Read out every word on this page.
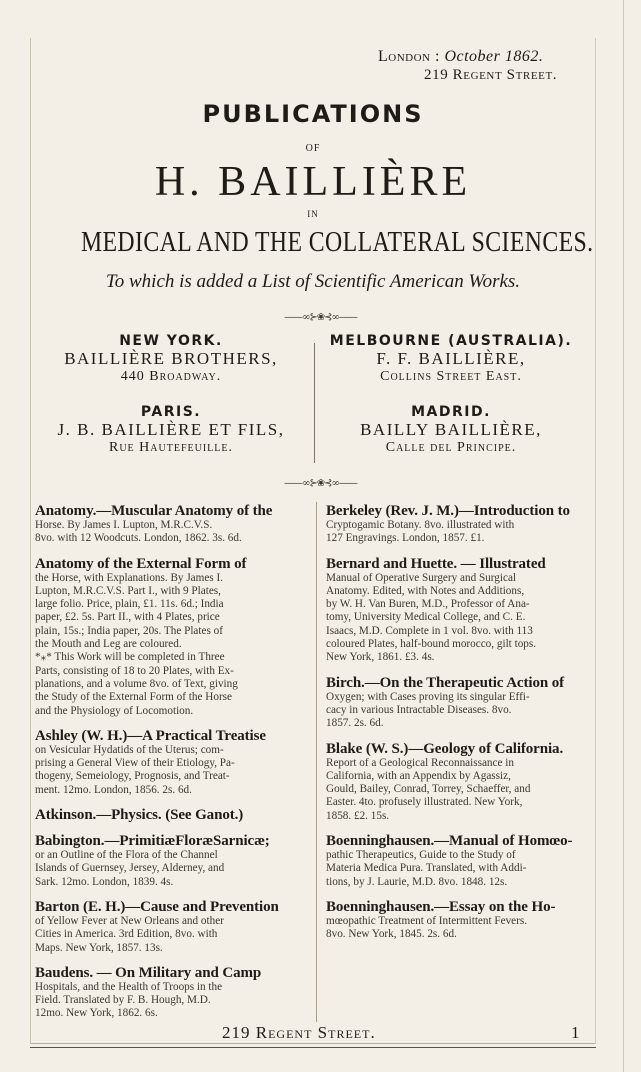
London : October 1862.
219 Regent Street.
PUBLICATIONS
OF
H. BAILLIÈRE
IN
MEDICAL AND THE COLLATERAL SCIENCES.
To which is added a List of Scientific American Works.
——∞⊱❀⊰∞——
NEW YORK.
BAILLIÈRE BROTHERS,
440 Broadway.
MELBOURNE (AUSTRALIA).
F. F. BAILLIÈRE,
Collins Street East.
PARIS.
J. B. BAILLIÈRE ET FILS,
Rue Hautefeuille.
MADRID.
BAILLY BAILLIÈRE,
Calle del Principe.
——∞⊱❀⊰∞——
Anatomy.—Muscular Anatomy of the

Horse. By James I. Lupton, M.R.C.V.S.

8vo. with 12 Woodcuts. London, 1862. 3s. 6d.

Anatomy of the External Form of

the Horse, with Explanations. By James I.

Lupton, M.R.C.V.S. Part I., with 9 Plates,

large folio. Price, plain, £1. 11s. 6d.; India

paper, £2. 5s. Part II., with 4 Plates, price

plain, 15s.; India paper, 20s. The Plates of

the Mouth and Leg are coloured.

*⁎* This Work will be completed in Three

Parts, consisting of 18 to 20 Plates, with Ex-

planations, and a volume 8vo. of Text, giving

the Study of the External Form of the Horse

and the Physiology of Locomotion.

Ashley (W. H.)—A Practical Treatise

on Vesicular Hydatids of the Uterus; com-

prising a General View of their Etiology, Pa-

thogeny, Semeiology, Prognosis, and Treat-

ment. 12mo. London, 1856. 2s. 6d.

Atkinson.—Physics. (See Ganot.)
Babington.—PrimitiæFloræSarnicæ;

or an Outline of the Flora of the Channel

Islands of Guernsey, Jersey, Alderney, and

Sark. 12mo. London, 1839. 4s.

Barton (E. H.)—Cause and Prevention

of Yellow Fever at New Orleans and other

Cities in America. 3rd Edition, 8vo. with

Maps. New York, 1857. 13s.

Baudens. — On Military and Camp

Hospitals, and the Health of Troops in the

Field. Translated by F. B. Hough, M.D.

12mo. New York, 1862. 6s.

Berkeley (Rev. J. M.)—Introduction to

Cryptogamic Botany. 8vo. illustrated with

127 Engravings. London, 1857. £1.

Bernard and Huette. — Illustrated

Manual of Operative Surgery and Surgical

Anatomy. Edited, with Notes and Additions,

by W. H. Van Buren, M.D., Professor of Ana-

tomy, University Medical College, and C. E.

Isaacs, M.D. Complete in 1 vol. 8vo. with 113

coloured Plates, half-bound morocco, gilt tops.

New York, 1861. £3. 4s.

Birch.—On the Therapeutic Action of

Oxygen; with Cases proving its singular Effi-

cacy in various Intractable Diseases. 8vo.

1857. 2s. 6d.

Blake (W. S.)—Geology of California.

Report of a Geological Reconnaissance in

California, with an Appendix by Agassiz,

Gould, Bailey, Conrad, Torrey, Schaeffer, and

Easter. 4to. profusely illustrated. New York,

1858. £2. 15s.

Boenninghausen.—Manual of Homœo-

pathic Therapeutics, Guide to the Study of

Materia Medica Pura. Translated, with Addi-

tions, by J. Laurie, M.D. 8vo. 1848. 12s.

Boenninghausen.—Essay on the Ho-

mœopathic Treatment of Intermittent Fevers.

8vo. New York, 1845. 2s. 6d.

219 Regent Street.	1
